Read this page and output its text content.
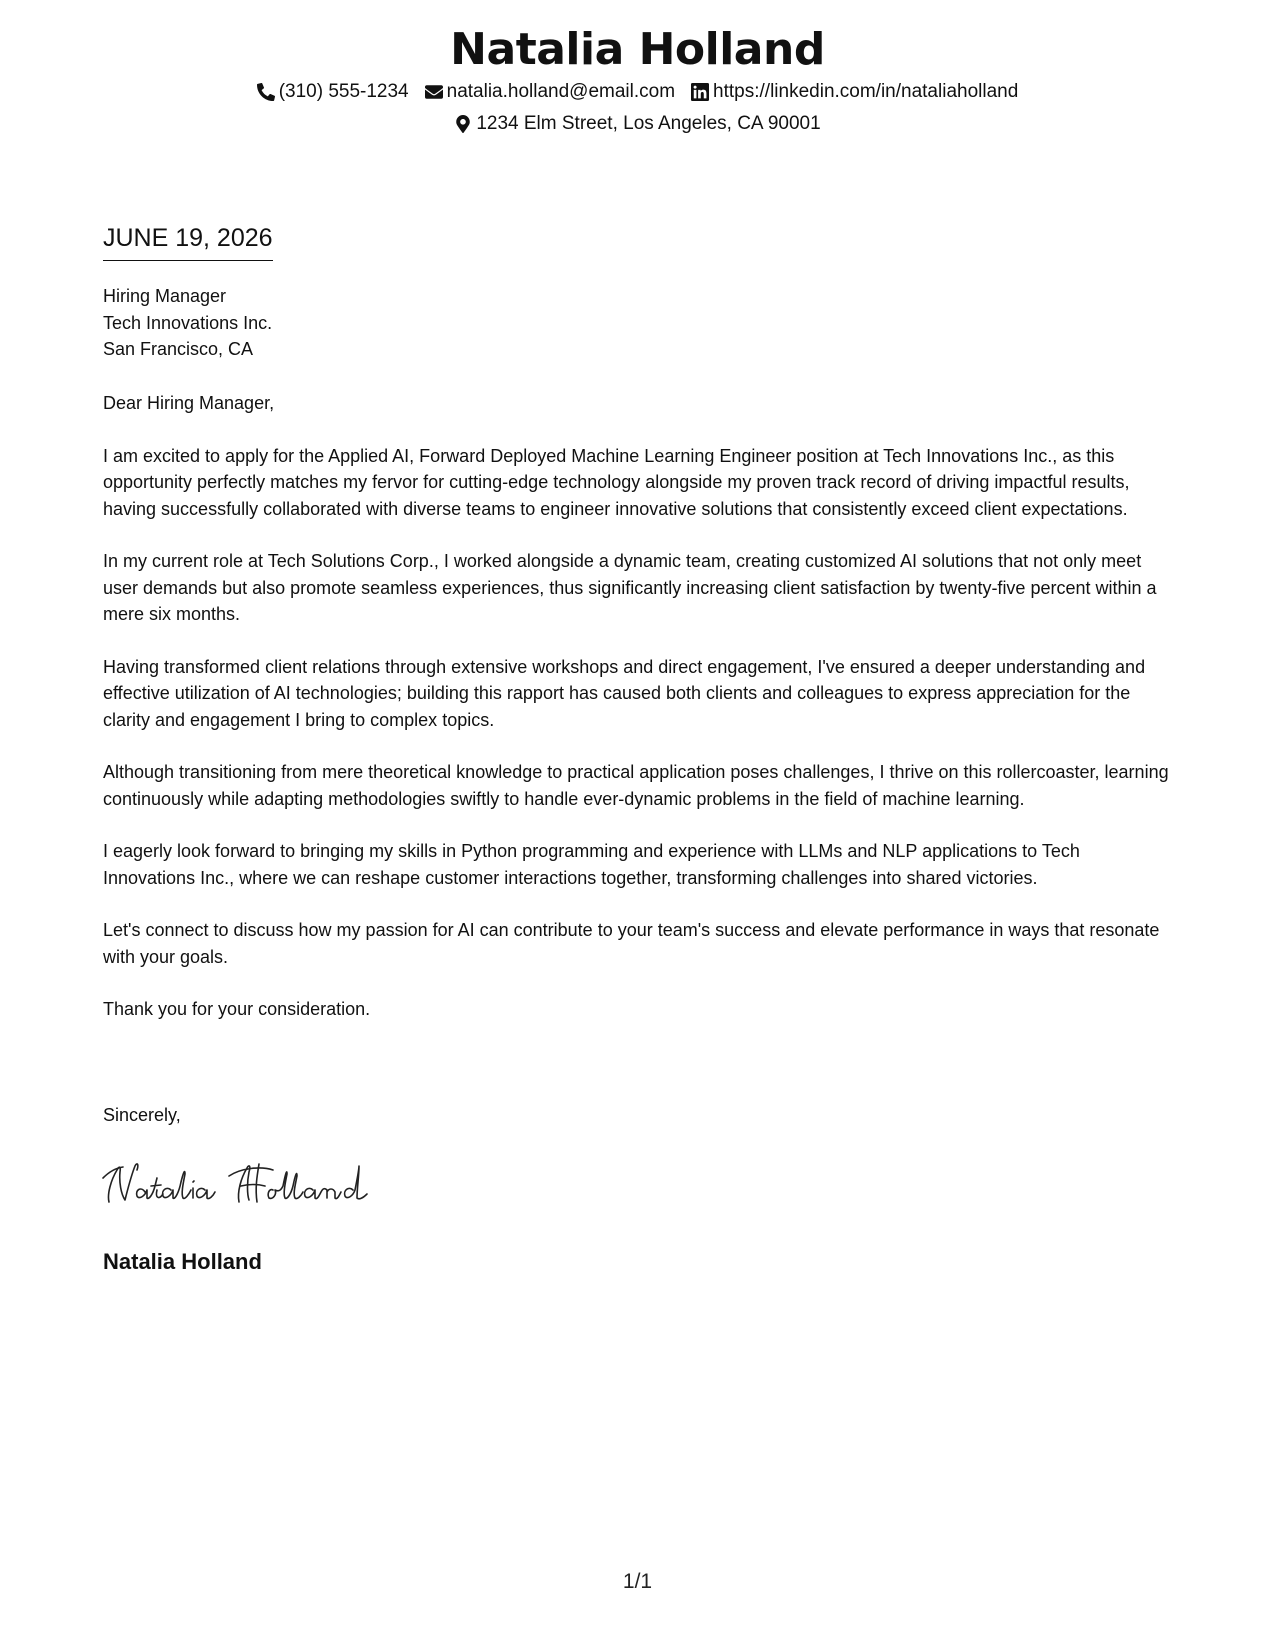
Natalia Holland
(310) 555-1234 natalia.holland@email.com https://linkedin.com/in/nataliaholland
1234 Elm Street, Los Angeles, CA 90001
JUNE 19, 2026
Hiring Manager
Tech Innovations Inc.
San Francisco, CA

Dear Hiring Manager,

I am excited to apply for the Applied AI, Forward Deployed Machine Learning Engineer position at Tech Innovations Inc., as this opportunity perfectly matches my fervor for cutting-edge technology alongside my proven track record of driving impactful results, having successfully collaborated with diverse teams to engineer innovative solutions that consistently exceed client expectations.

In my current role at Tech Solutions Corp., I worked alongside a dynamic team, creating customized AI solutions that not only meet user demands but also promote seamless experiences, thus significantly increasing client satisfaction by twenty-five percent within a mere six months.

Having transformed client relations through extensive workshops and direct engagement, I've ensured a deeper understanding and effective utilization of AI technologies; building this rapport has caused both clients and colleagues to express appreciation for the clarity and engagement I bring to complex topics.

Although transitioning from mere theoretical knowledge to practical application poses challenges, I thrive on this rollercoaster, learning continuously while adapting methodologies swiftly to handle ever-dynamic problems in the field of machine learning.

I eagerly look forward to bringing my skills in Python programming and experience with LLMs and NLP applications to Tech Innovations Inc., where we can reshape customer interactions together, transforming challenges into shared victories.

Let's connect to discuss how my passion for AI can contribute to your team's success and elevate performance in ways that resonate with your goals.

Thank you for your consideration.

Sincerely,
Natalia Holland
1/1
